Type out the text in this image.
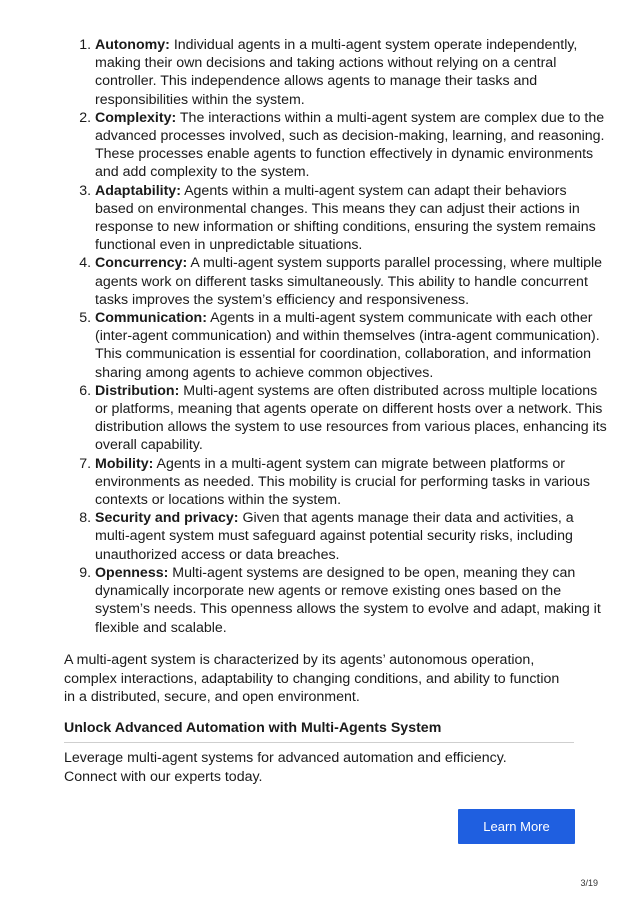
1. Autonomy: Individual agents in a multi-agent system operate independently, making their own decisions and taking actions without relying on a central controller. This independence allows agents to manage their tasks and responsibilities within the system.
2. Complexity: The interactions within a multi-agent system are complex due to the advanced processes involved, such as decision-making, learning, and reasoning. These processes enable agents to function effectively in dynamic environments and add complexity to the system.
3. Adaptability: Agents within a multi-agent system can adapt their behaviors based on environmental changes. This means they can adjust their actions in response to new information or shifting conditions, ensuring the system remains functional even in unpredictable situations.
4. Concurrency: A multi-agent system supports parallel processing, where multiple agents work on different tasks simultaneously. This ability to handle concurrent tasks improves the system’s efficiency and responsiveness.
5. Communication: Agents in a multi-agent system communicate with each other (inter-agent communication) and within themselves (intra-agent communication). This communication is essential for coordination, collaboration, and information sharing among agents to achieve common objectives.
6. Distribution: Multi-agent systems are often distributed across multiple locations or platforms, meaning that agents operate on different hosts over a network. This distribution allows the system to use resources from various places, enhancing its overall capability.
7. Mobility: Agents in a multi-agent system can migrate between platforms or environments as needed. This mobility is crucial for performing tasks in various contexts or locations within the system.
8. Security and privacy: Given that agents manage their data and activities, a multi-agent system must safeguard against potential security risks, including unauthorized access or data breaches.
9. Openness: Multi-agent systems are designed to be open, meaning they can dynamically incorporate new agents or remove existing ones based on the system’s needs. This openness allows the system to evolve and adapt, making it flexible and scalable.

A multi-agent system is characterized by its agents’ autonomous operation, complex interactions, adaptability to changing conditions, and ability to function in a distributed, secure, and open environment.

Unlock Advanced Automation with Multi-Agents System

Leverage multi-agent systems for advanced automation and efficiency. Connect with our experts today.

Learn More
3/19
